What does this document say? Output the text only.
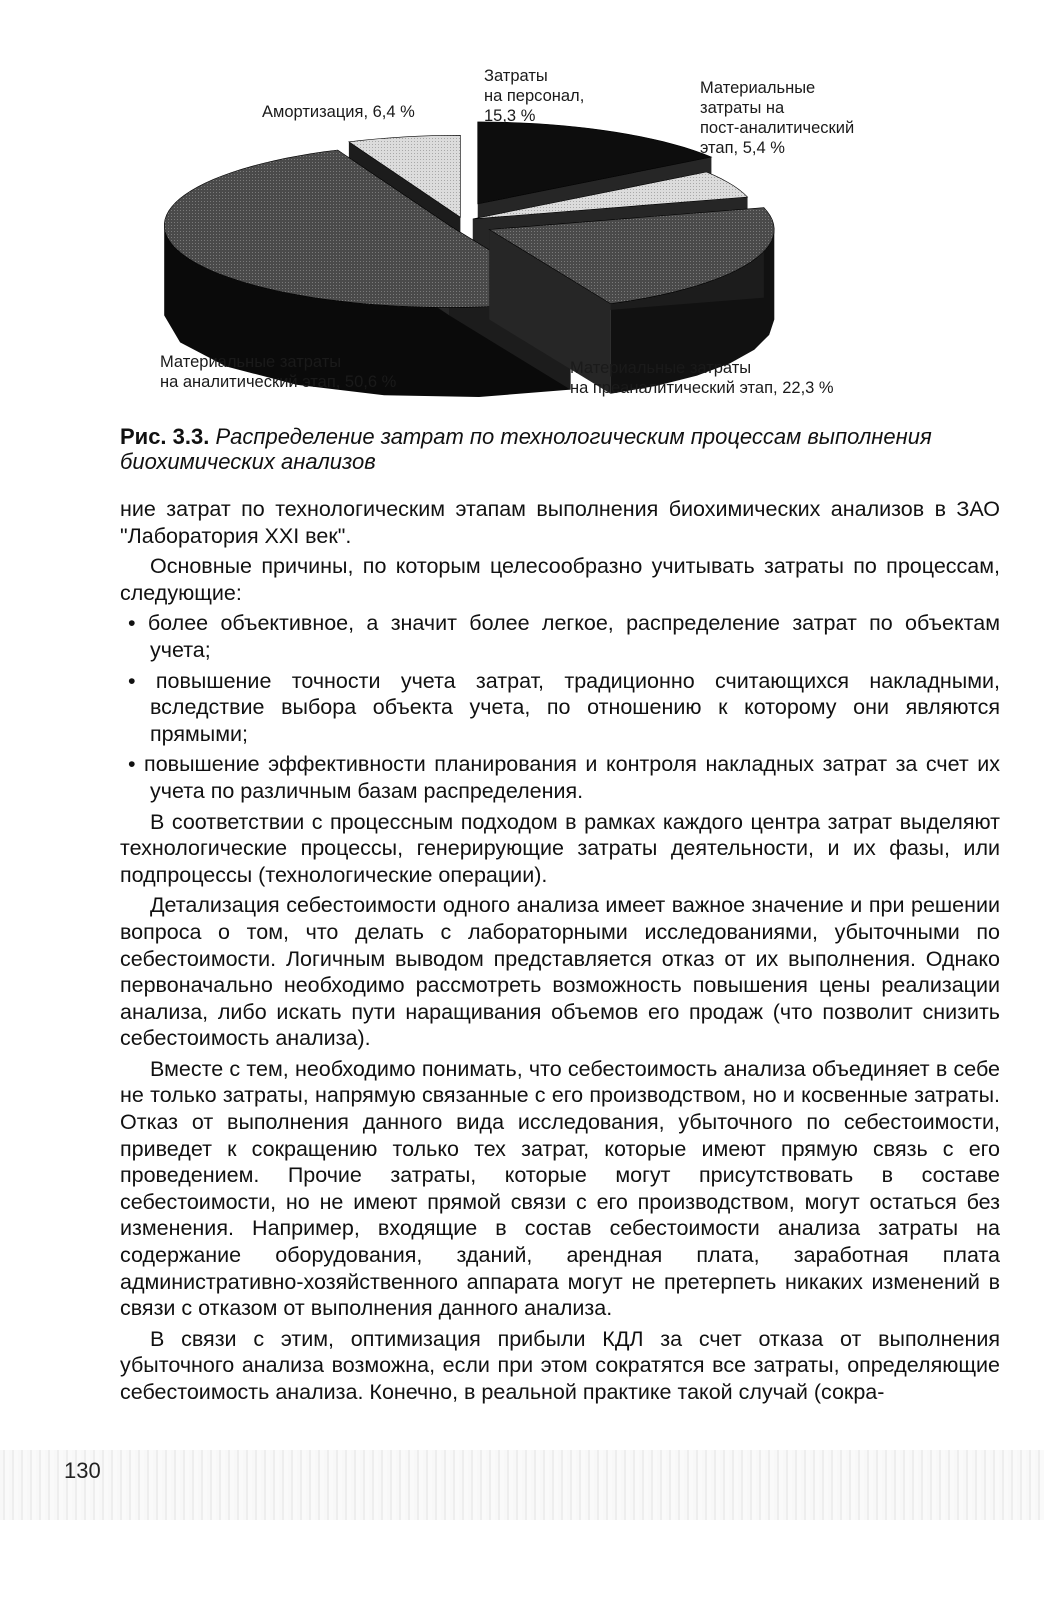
Амортизация, 6,4 %
Затраты
на персонал,
15,3 %
Материальные
затраты на
пост-аналитический
этап, 5,4 %
Материальные затраты
на аналитический этап, 50,6 %
Материальные затраты
на преаналитический этап, 22,3 %
Рис. 3.3. Распределение затрат по технологическим процессам выполнения биохимических анализов

ние затрат по технологическим этапам выполнения биохимических анализов в ЗАО "Лаборатория XXI век".

Основные причины, по которым целесообразно учитывать затраты по процессам, следующие:

• более объективное, а значит более легкое, распределение затрат по объектам учета;

• повышение точности учета затрат, традиционно считающихся накладными, вследствие выбора объекта учета, по отношению к которому они являются прямыми;

• повышение эффективности планирования и контроля накладных затрат за счет их учета по различным базам распределения.

В соответствии с процессным подходом в рамках каждого центра затрат выделяют технологические процессы, генерирующие затраты деятельности, и их фазы, или подпроцессы (технологические операции).

Детализация себестоимости одного анализа имеет важное значение и при решении вопроса о том, что делать с лабораторными исследованиями, убыточными по себестоимости. Логичным выводом представляется отказ от их выполнения. Однако первоначально необходимо рассмотреть возможность повышения цены реализации анализа, либо искать пути наращивания объемов его продаж (что позволит снизить себестоимость анализа).

Вместе с тем, необходимо понимать, что себестоимость анализа объединяет в себе не только затраты, напрямую связанные с его производством, но и косвенные затраты. Отказ от выполнения данного вида исследования, убыточного по себестоимости, приведет к сокращению только тех затрат, которые имеют прямую связь с его проведением. Прочие затраты, которые могут присутствовать в составе себестоимости, но не имеют прямой связи с его производством, могут остаться без изменения. Например, входящие в состав себестоимости анализа затраты на содержание оборудования, зданий, арендная плата, заработная плата административно-хозяйственного аппарата могут не претерпеть никаких изменений в связи с отказом от выполнения данного анализа.

В связи с этим, оптимизация прибыли КДЛ за счет отказа от выполнения убыточного анализа возможна, если при этом сократятся все затраты, определяющие себестоимость анализа. Конечно, в реальной практике такой случай (сокра-

130
